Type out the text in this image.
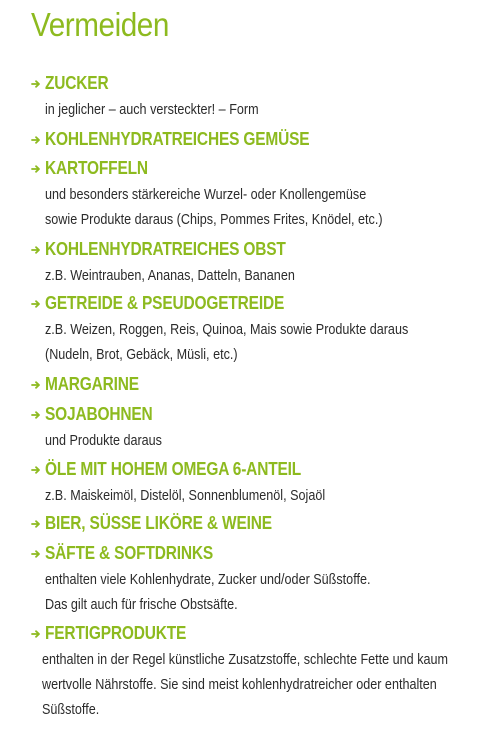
Vermeiden
ZUCKER
in jeglicher – auch versteckter! – Form
KOHLENHYDRATREICHES GEMÜSE
KARTOFFELN
und besonders stärkereiche Wurzel- oder Knollengemüse
sowie Produkte daraus (Chips, Pommes Frites, Knödel, etc.)
KOHLENHYDRATREICHES OBST
z.B. Weintrauben, Ananas, Datteln, Bananen
GETREIDE & PSEUDOGETREIDE
z.B. Weizen, Roggen, Reis, Quinoa, Mais sowie Produkte daraus
(Nudeln, Brot, Gebäck, Müsli, etc.)
MARGARINE
SOJABOHNEN
und Produkte daraus
ÖLE MIT HOHEM OMEGA 6-ANTEIL
z.B. Maiskeimöl, Distelöl, Sonnenblumenöl, Sojaöl
BIER, SÜSSE LIKÖRE & WEINE
SÄFTE & SOFTDRINKS
enthalten viele Kohlenhydrate, Zucker und/oder Süßstoffe.
Das gilt auch für frische Obstsäfte.
FERTIGPRODUKTE
enthalten in der Regel künstliche Zusatzstoffe, schlechte Fette und kaum
wertvolle Nährstoffe. Sie sind meist kohlenhydratreicher oder enthalten
Süßstoffe.
